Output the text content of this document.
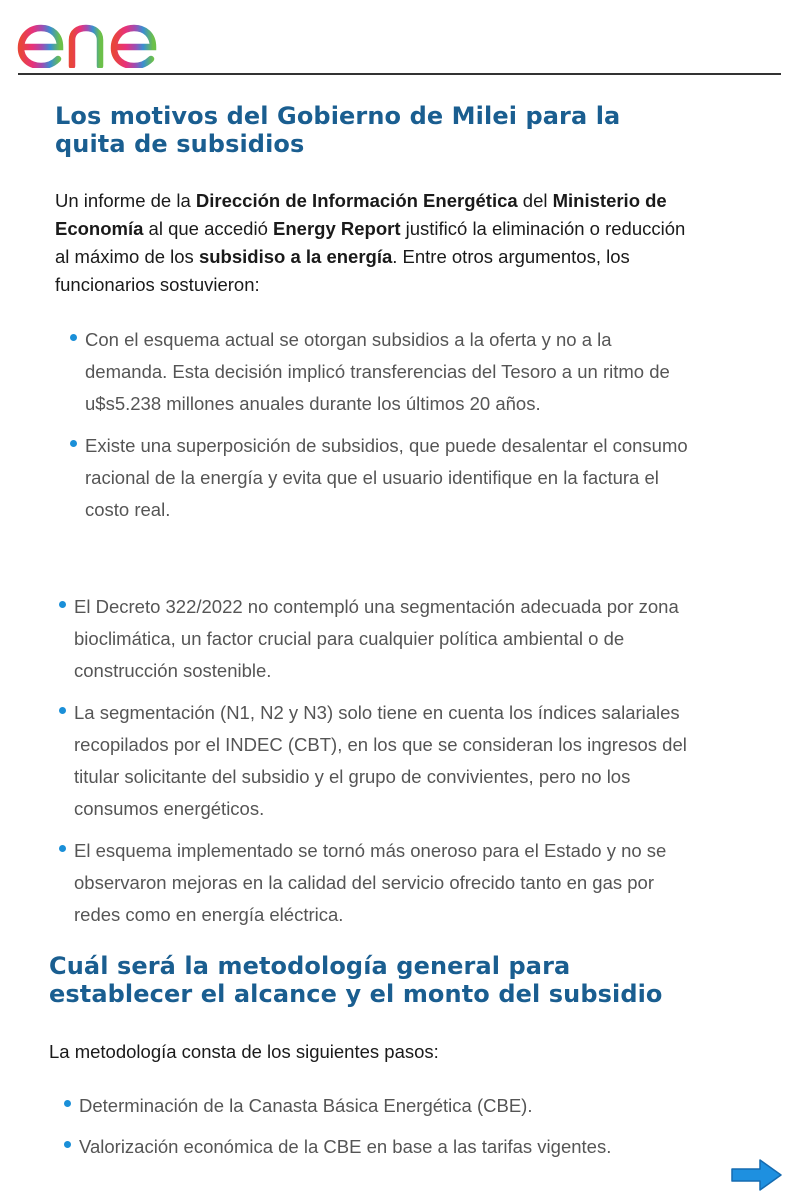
Los motivos del Gobierno de Milei para la quita de subsidios

Un informe de la Dirección de Información Energética del Ministerio de Economía al que accedió Energy Report justificó la eliminación o reducción al máximo de los subsidiso a la energía. Entre otros argumentos, los funcionarios sostuvieron:

Con el esquema actual se otorgan subsidios a la oferta y no a la demanda. Esta decisión implicó transferencias del Tesoro a un ritmo de u$s5.238 millones anuales durante los últimos 20 años.
Existe una superposición de subsidios, que puede desalentar el consumo racional de la energía y evita que el usuario identifique en la factura el costo real.
El Decreto 322/2022 no contempló una segmentación adecuada por zona bioclimática, un factor crucial para cualquier política ambiental o de construcción sostenible.
La segmentación (N1, N2 y N3) solo tiene en cuenta los índices salariales recopilados por el INDEC (CBT), en los que se consideran los ingresos del titular solicitante del subsidio y el grupo de convivientes, pero no los consumos energéticos.
El esquema implementado se tornó más oneroso para el Estado y no se observaron mejoras en la calidad del servicio ofrecido tanto en gas por redes como en energía eléctrica.
Cuál será la metodología general para establecer el alcance y el monto del subsidio

La metodología consta de los siguientes pasos:

Determinación de la Canasta Básica Energética (CBE).
Valorización económica de la CBE en base a las tarifas vigentes.
